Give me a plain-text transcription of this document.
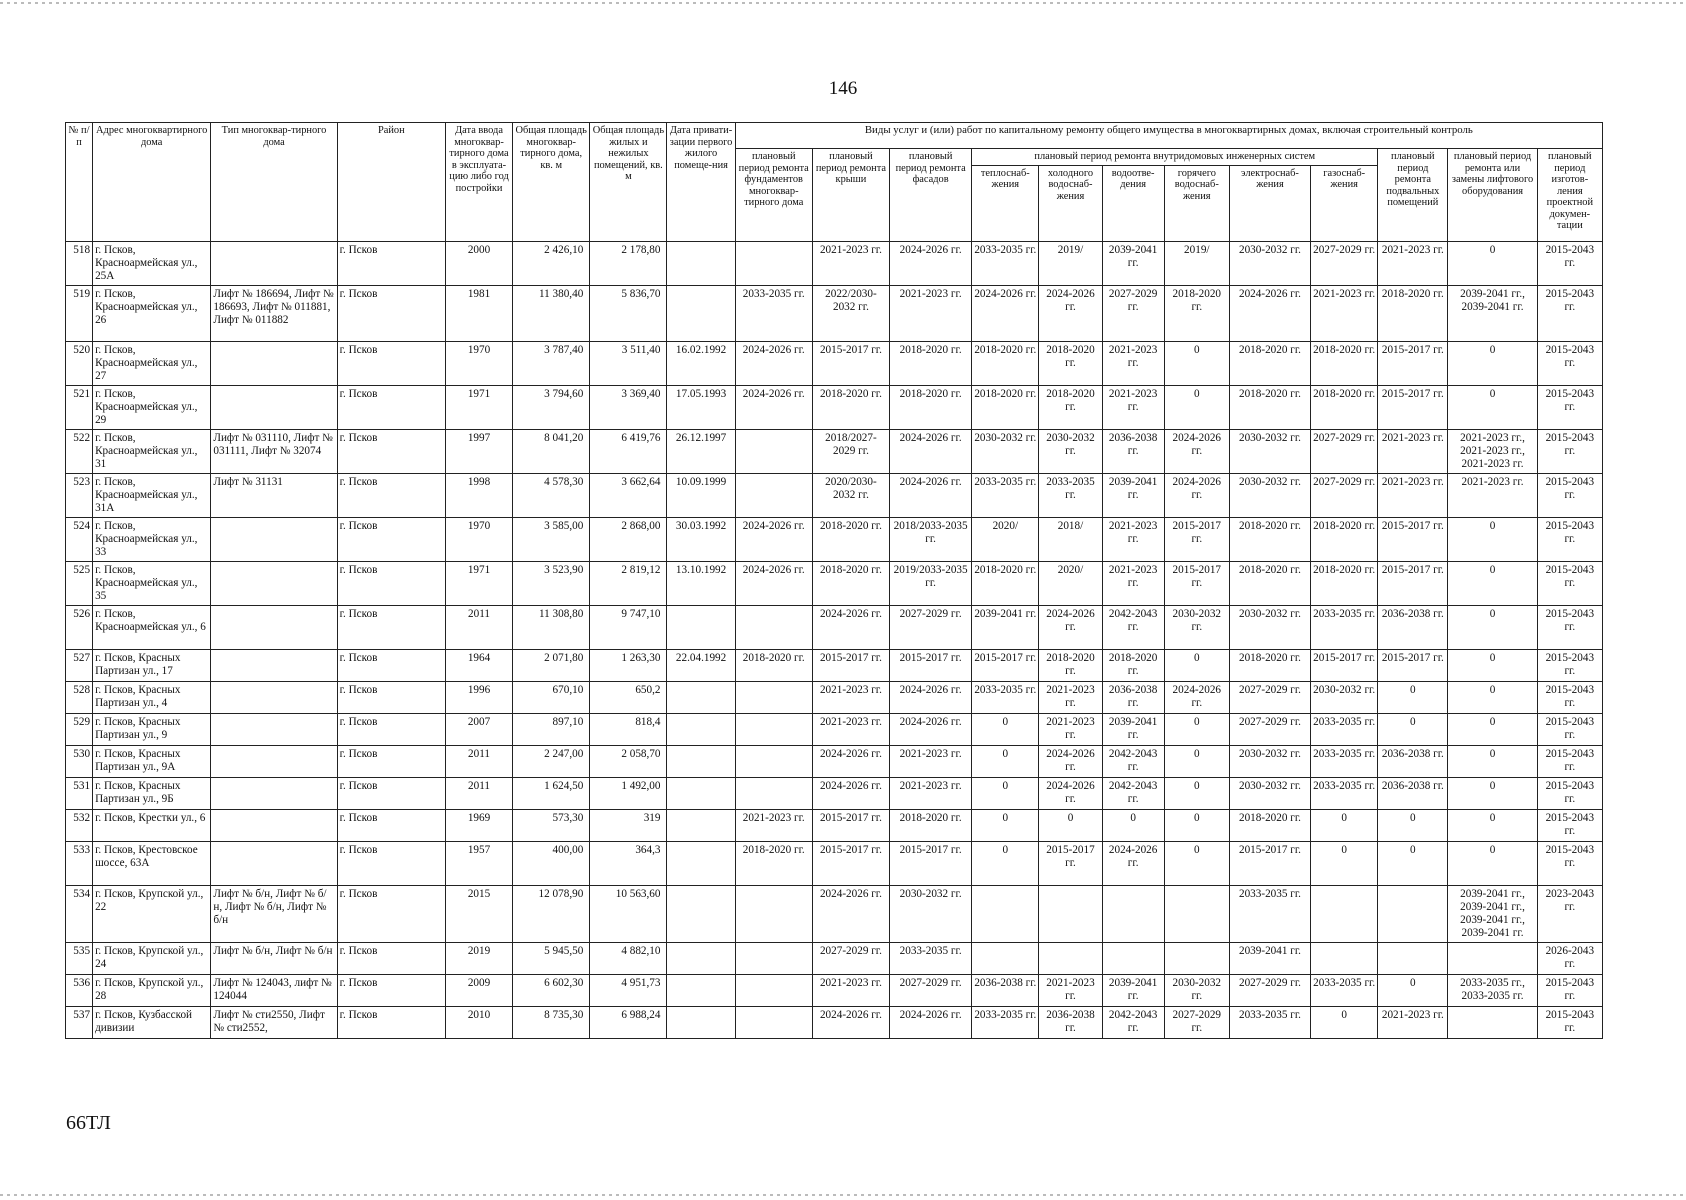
146
№ п/п	Адрес многоквартирного дома	Тип многоквар-тирного дома	Район	Дата ввода многоквар-тирного дома в эксплуата-цию либо год постройки	Общая площадь многоквар-тирного дома, кв. м	Общая площадь жилых и нежилых помещений, кв. м	Дата привати-зации первого жилого помеще-ния	Виды услуг и (или) работ по капитальному ремонту общего имущества в многоквартирных домах, включая строительный контроль											
								плановый период ремонта фундаментов многоквар-тирного дома	плановый период ремонта крыши	плановый период ремонта фасадов	плановый период ремонта внутридомовых инженерных систем						плановый период ремонта подвальных помещений	плановый период ремонта или замены лифтового оборудования	плановый период изготов-ления проектной докумен-тации
											теплоснаб-жения	холодного водоснаб-жения	водоотве-дения	горячего водоснаб-жения	электроснаб-жения	газоснаб-жения			
518	г. Псков, Красноармейская ул., 25А		г. Псков	2000	2 426,10	2 178,80			2021-2023 гг.	2024-2026 гг.	2033-2035 гг.	2019/	2039-2041 гг.	2019/	2030-2032 гг.	2027-2029 гг.	2021-2023 гг.	0	2015-2043 гг.
519	г. Псков, Красноармейская ул., 26	Лифт № 186694, Лифт № 186693, Лифт № 011881, Лифт № 011882	г. Псков	1981	11 380,40	5 836,70		2033-2035 гг.	2022/2030-2032 гг.	2021-2023 гг.	2024-2026 гг.	2024-2026 гг.	2027-2029 гг.	2018-2020 гг.	2024-2026 гг.	2021-2023 гг.	2018-2020 гг.	2039-2041 гг., 2039-2041 гг.	2015-2043 гг.
520	г. Псков, Красноармейская ул., 27		г. Псков	1970	3 787,40	3 511,40	16.02.1992	2024-2026 гг.	2015-2017 гг.	2018-2020 гг.	2018-2020 гг.	2018-2020 гг.	2021-2023 гг.	0	2018-2020 гг.	2018-2020 гг.	2015-2017 гг.	0	2015-2043 гг.
521	г. Псков, Красноармейская ул., 29		г. Псков	1971	3 794,60	3 369,40	17.05.1993	2024-2026 гг.	2018-2020 гг.	2018-2020 гг.	2018-2020 гг.	2018-2020 гг.	2021-2023 гг.	0	2018-2020 гг.	2018-2020 гг.	2015-2017 гг.	0	2015-2043 гг.
522	г. Псков, Красноармейская ул., 31	Лифт № 031110, Лифт № 031111, Лифт № 32074	г. Псков	1997	8 041,20	6 419,76	26.12.1997		2018/2027-2029 гг.	2024-2026 гг.	2030-2032 гг.	2030-2032 гг.	2036-2038 гг.	2024-2026 гг.	2030-2032 гг.	2027-2029 гг.	2021-2023 гг.	2021-2023 гг., 2021-2023 гг., 2021-2023 гг.	2015-2043 гг.
523	г. Псков, Красноармейская ул., 31А	Лифт № 31131	г. Псков	1998	4 578,30	3 662,64	10.09.1999		2020/2030-2032 гг.	2024-2026 гг.	2033-2035 гг.	2033-2035 гг.	2039-2041 гг.	2024-2026 гг.	2030-2032 гг.	2027-2029 гг.	2021-2023 гг.	2021-2023 гг.	2015-2043 гг.
524	г. Псков, Красноармейская ул., 33		г. Псков	1970	3 585,00	2 868,00	30.03.1992	2024-2026 гг.	2018-2020 гг.	2018/2033-2035 гг.	2020/	2018/	2021-2023 гг.	2015-2017 гг.	2018-2020 гг.	2018-2020 гг.	2015-2017 гг.	0	2015-2043 гг.
525	г. Псков, Красноармейская ул., 35		г. Псков	1971	3 523,90	2 819,12	13.10.1992	2024-2026 гг.	2018-2020 гг.	2019/2033-2035 гг.	2018-2020 гг.	2020/	2021-2023 гг.	2015-2017 гг.	2018-2020 гг.	2018-2020 гг.	2015-2017 гг.	0	2015-2043 гг.
526	г. Псков, Красноармейская ул., 6		г. Псков	2011	11 308,80	9 747,10			2024-2026 гг.	2027-2029 гг.	2039-2041 гг.	2024-2026 гг.	2042-2043 гг.	2030-2032 гг.	2030-2032 гг.	2033-2035 гг.	2036-2038 гг.	0	2015-2043 гг.
527	г. Псков, Красных Партизан ул., 17		г. Псков	1964	2 071,80	1 263,30	22.04.1992	2018-2020 гг.	2015-2017 гг.	2015-2017 гг.	2015-2017 гг.	2018-2020 гг.	2018-2020 гг.	0	2018-2020 гг.	2015-2017 гг.	2015-2017 гг.	0	2015-2043 гг.
528	г. Псков, Красных Партизан ул., 4		г. Псков	1996	670,10	650,2			2021-2023 гг.	2024-2026 гг.	2033-2035 гг.	2021-2023 гг.	2036-2038 гг.	2024-2026 гг.	2027-2029 гг.	2030-2032 гг.	0	0	2015-2043 гг.
529	г. Псков, Красных Партизан ул., 9		г. Псков	2007	897,10	818,4			2021-2023 гг.	2024-2026 гг.	0	2021-2023 гг.	2039-2041 гг.	0	2027-2029 гг.	2033-2035 гг.	0	0	2015-2043 гг.
530	г. Псков, Красных Партизан ул., 9А		г. Псков	2011	2 247,00	2 058,70			2024-2026 гг.	2021-2023 гг.	0	2024-2026 гг.	2042-2043 гг.	0	2030-2032 гг.	2033-2035 гг.	2036-2038 гг.	0	2015-2043 гг.
531	г. Псков, Красных Партизан ул., 9Б		г. Псков	2011	1 624,50	1 492,00			2024-2026 гг.	2021-2023 гг.	0	2024-2026 гг.	2042-2043 гг.	0	2030-2032 гг.	2033-2035 гг.	2036-2038 гг.	0	2015-2043 гг.
532	г. Псков, Крестки ул., 6		г. Псков	1969	573,30	319		2021-2023 гг.	2015-2017 гг.	2018-2020 гг.	0	0	0	0	2018-2020 гг.	0	0	0	2015-2043 гг.
533	г. Псков, Крестовское шоссе, 63А		г. Псков	1957	400,00	364,3		2018-2020 гг.	2015-2017 гг.	2015-2017 гг.	0	2015-2017 гг.	2024-2026 гг.	0	2015-2017 гг.	0	0	0	2015-2043 гг.
534	г. Псков, Крупской ул., 22	Лифт № б/н, Лифт № б/н, Лифт № б/н, Лифт № б/н	г. Псков	2015	12 078,90	10 563,60			2024-2026 гг.	2030-2032 гг.					2033-2035 гг.			2039-2041 гг., 2039-2041 гг., 2039-2041 гг., 2039-2041 гг.	2023-2043 гг.
535	г. Псков, Крупской ул., 24	Лифт № б/н, Лифт № б/н	г. Псков	2019	5 945,50	4 882,10			2027-2029 гг.	2033-2035 гг.					2039-2041 гг.				2026-2043 гг.
536	г. Псков, Крупской ул., 28	Лифт № 124043, лифт № 124044	г. Псков	2009	6 602,30	4 951,73			2021-2023 гг.	2027-2029 гг.	2036-2038 гг.	2021-2023 гг.	2039-2041 гг.	2030-2032 гг.	2027-2029 гг.	2033-2035 гг.	0	2033-2035 гг., 2033-2035 гг.	2015-2043 гг.
537	г. Псков, Кузбасской дивизии	Лифт № сти2550, Лифт № сти2552,	г. Псков	2010	8 735,30	6 988,24			2024-2026 гг.	2024-2026 гг.	2033-2035 гг.	2036-2038 гг.	2042-2043 гг.	2027-2029 гг.	2033-2035 гг.	0	2021-2023 гг.		2015-2043 гг.
66ТЛ
